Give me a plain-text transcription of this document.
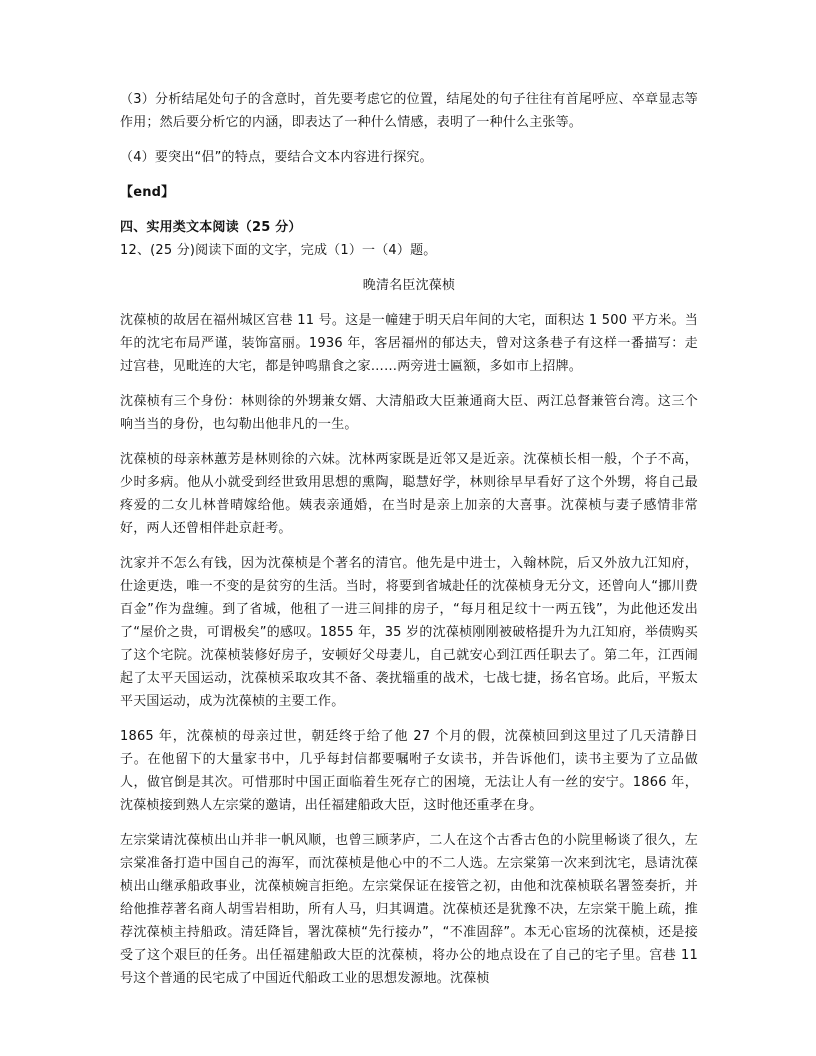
（3）分析结尾处句子的含意时，首先要考虑它的位置，结尾处的句子往往有首尾呼应、卒章显志等作用；然后要分析它的内涵，即表达了一种什么情感，表明了一种什么主张等。

（4）要突出“侣”的特点，要结合文本内容进行探究。

【end】

四、实用类文本阅读（25 分）

12、(25 分)阅读下面的文字，完成（1）一（4）题。

晚清名臣沈葆桢

沈葆桢的故居在福州城区宫巷 11 号。这是一幢建于明天启年间的大宅，面积达 1 500 平方米。当年的沈宅布局严谨，装饰富丽。1936 年，客居福州的郁达夫，曾对这条巷子有这样一番描写：走过宫巷，见毗连的大宅，都是钟鸣鼎食之家……两旁进士匾额，多如市上招牌。

沈葆桢有三个身份：林则徐的外甥兼女婿、大清船政大臣兼通商大臣、两江总督兼管台湾。这三个响当当的身份，也勾勒出他非凡的一生。

沈葆桢的母亲林蕙芳是林则徐的六妹。沈林两家既是近邻又是近亲。沈葆桢长相一般，个子不高，少时多病。他从小就受到经世致用思想的熏陶，聪慧好学，林则徐早早看好了这个外甥，将自己最疼爱的二女儿林普晴嫁给他。姨表亲通婚，在当时是亲上加亲的大喜事。沈葆桢与妻子感情非常好，两人还曾相伴赴京赶考。

沈家并不怎么有钱，因为沈葆桢是个著名的清官。他先是中进士，入翰林院，后又外放九江知府，仕途更迭，唯一不变的是贫穷的生活。当时，将要到省城赴任的沈葆桢身无分文，还曾向人“挪川费百金”作为盘缠。到了省城，他租了一进三间排的房子，“每月租足纹十一两五钱”，为此他还发出了“屋价之贵，可谓极矣”的感叹。1855 年，35 岁的沈葆桢刚刚被破格提升为九江知府，举债购买了这个宅院。沈葆桢装修好房子，安顿好父母妻儿，自己就安心到江西任职去了。第二年，江西闹起了太平天国运动，沈葆桢采取攻其不备、袭扰辎重的战术，七战七捷，扬名官场。此后，平叛太平天国运动，成为沈葆桢的主要工作。

1865 年，沈葆桢的母亲过世，朝廷终于给了他 27 个月的假，沈葆桢回到这里过了几天清静日子。在他留下的大量家书中，几乎每封信都要嘱咐子女读书，并告诉他们，读书主要为了立品做人，做官倒是其次。可惜那时中国正面临着生死存亡的困境，无法让人有一丝的安宁。1866 年，沈葆桢接到熟人左宗棠的邀请，出任福建船政大臣，这时他还重孝在身。

左宗棠请沈葆桢出山并非一帆风顺，也曾三顾茅庐，二人在这个古香古色的小院里畅谈了很久，左宗棠准备打造中国自己的海军，而沈葆桢是他心中的不二人选。左宗棠第一次来到沈宅，恳请沈葆桢出山继承船政事业，沈葆桢婉言拒绝。左宗棠保证在接管之初，由他和沈葆桢联名署签奏折，并给他推荐著名商人胡雪岩相助，所有人马，归其调遣。沈葆桢还是犹豫不决，左宗棠干脆上疏，推荐沈葆桢主持船政。清廷降旨，署沈葆桢“先行接办”，“不准固辞”。本无心宦场的沈葆桢，还是接受了这个艰巨的任务。出任福建船政大臣的沈葆桢，将办公的地点设在了自己的宅子里。宫巷 11 号这个普通的民宅成了中国近代船政工业的思想发源地。沈葆桢
